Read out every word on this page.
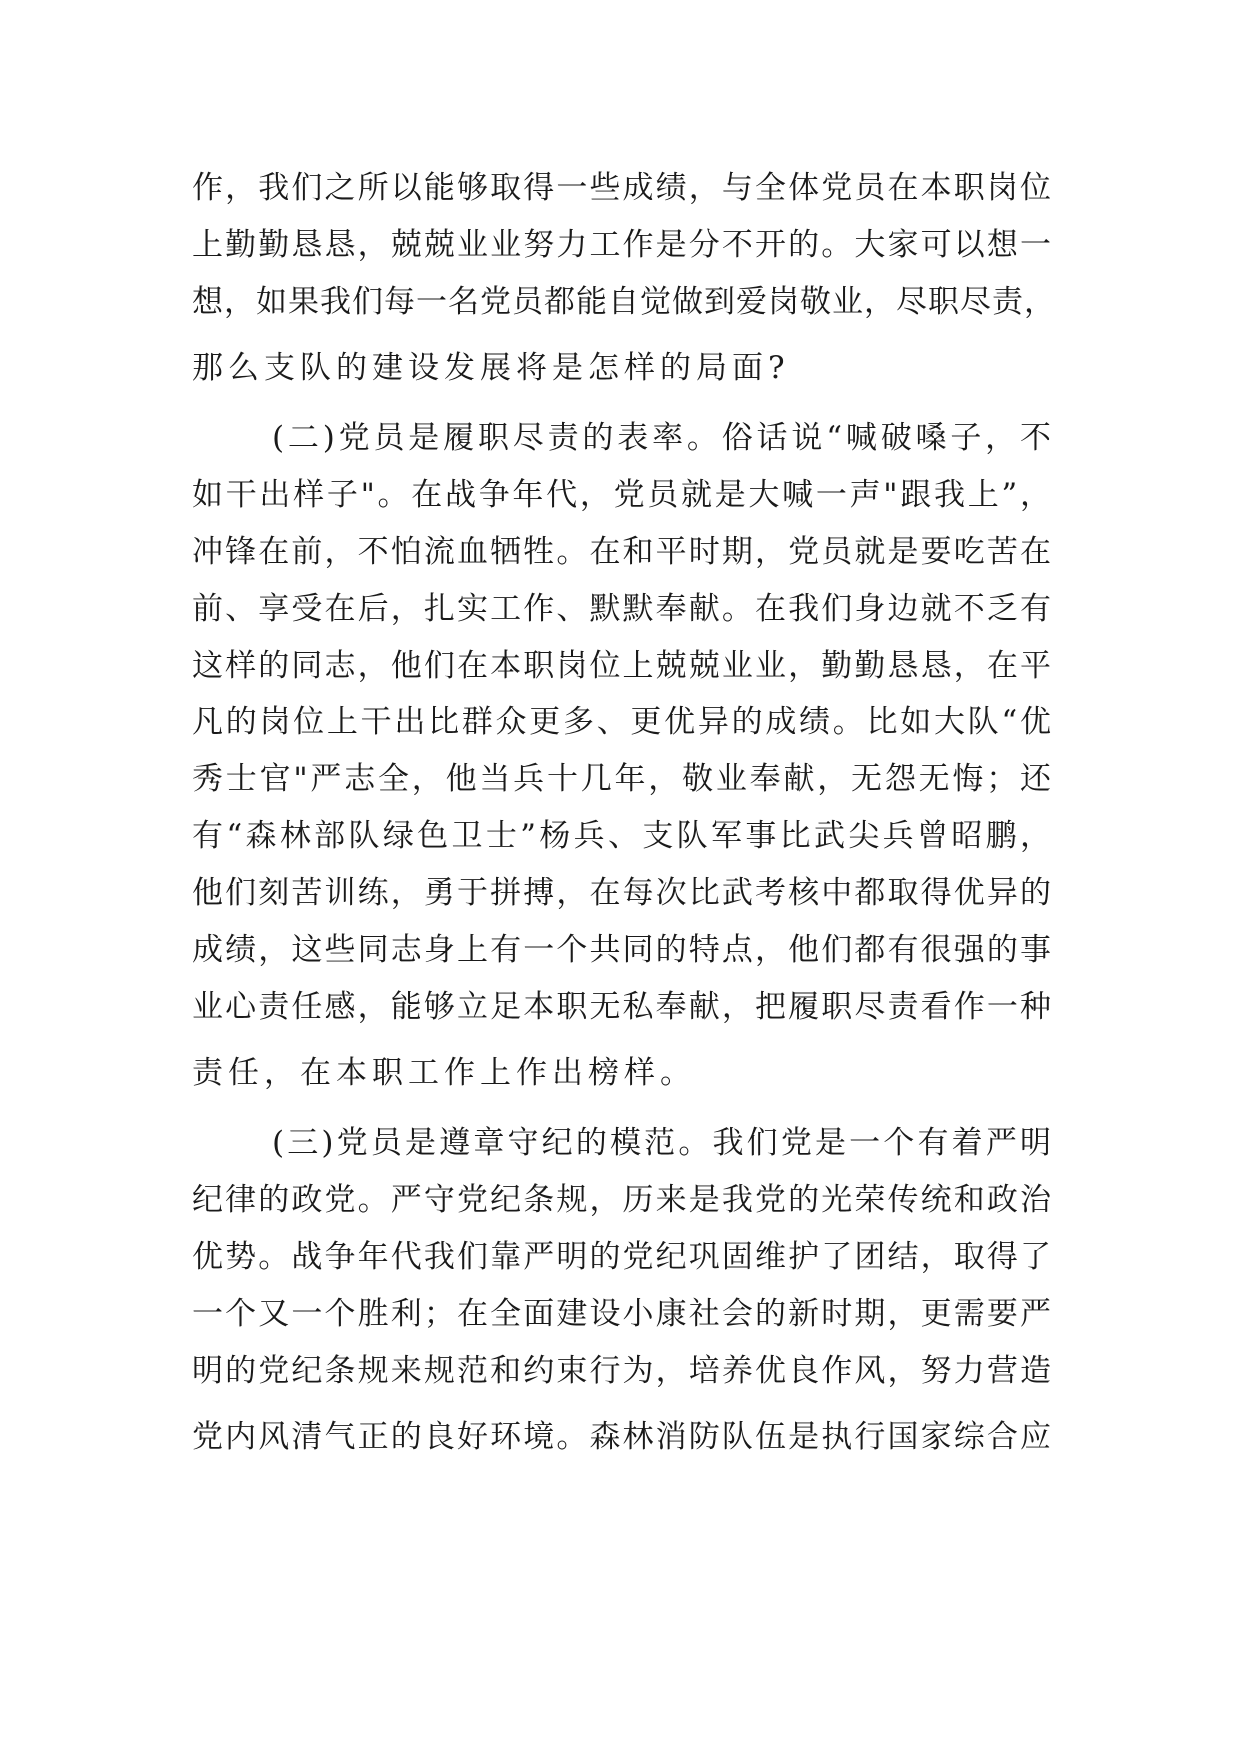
作，我们之所以能够取得一些成绩，与全体党员在本职岗位
上勤勤恳恳，兢兢业业努力工作是分不开的。大家可以想一
想，如果我们每一名党员都能自觉做到爱岗敬业，尽职尽责，
那么支队的建设发展将是怎样的局面?
(二)党员是履职尽责的表率。俗话说“喊破嗓子，不
如干出样子"。在战争年代，党员就是大喊一声"跟我上”，
冲锋在前，不怕流血牺牲。在和平时期，党员就是要吃苦在
前、享受在后，扎实工作、默默奉献。在我们身边就不乏有
这样的同志，他们在本职岗位上兢兢业业，勤勤恳恳，在平
凡的岗位上干出比群众更多、更优异的成绩。比如大队“优
秀士官"严志全，他当兵十几年，敬业奉献，无怨无悔；还
有“森林部队绿色卫士”杨兵、支队军事比武尖兵曾昭鹏，
他们刻苦训练，勇于拼搏，在每次比武考核中都取得优异的
成绩，这些同志身上有一个共同的特点，他们都有很强的事
业心责任感，能够立足本职无私奉献，把履职尽责看作一种
责任，在本职工作上作出榜样。
(三)党员是遵章守纪的模范。我们党是一个有着严明
纪律的政党。严守党纪条规，历来是我党的光荣传统和政治
优势。战争年代我们靠严明的党纪巩固维护了团结，取得了
一个又一个胜利；在全面建设小康社会的新时期，更需要严
明的党纪条规来规范和约束行为，培养优良作风，努力营造
党内风清气正的良好环境。森林消防队伍是执行国家综合应
